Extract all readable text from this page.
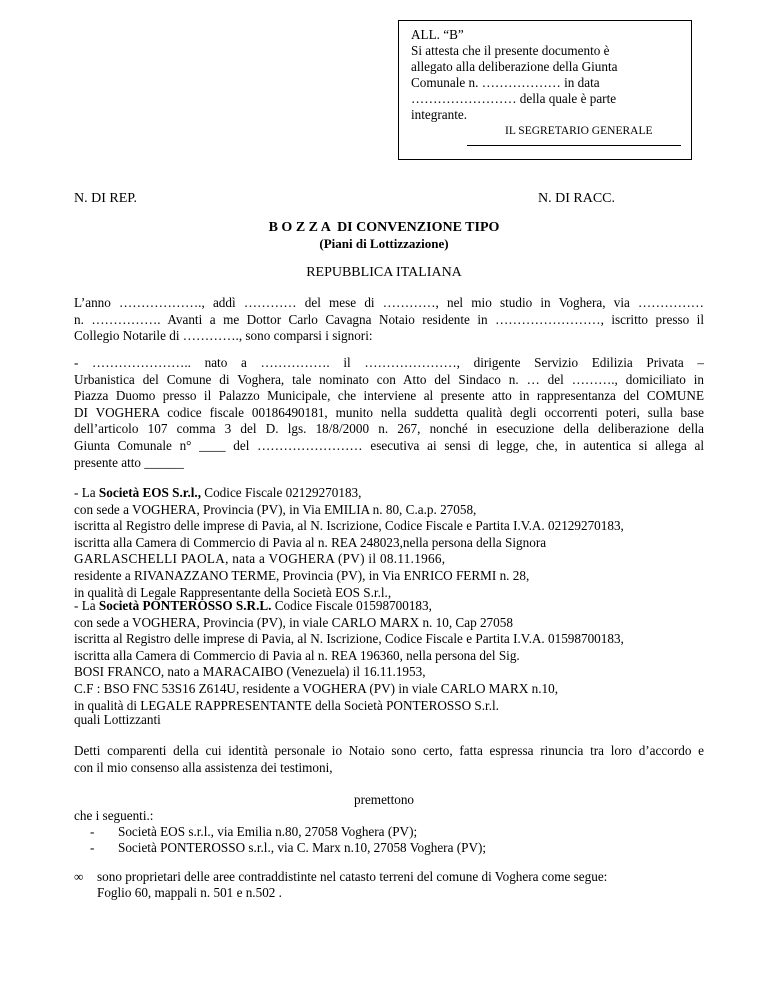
ALL. “B”
Si attesta che il presente documento è
allegato alla deliberazione della Giunta
Comunale n. ……………… in data
…………………… della quale è parte
integrante.
IL SEGRETARIO GENERALE
N. DI REP.	N. DI RACC.
B O Z Z A  DI CONVENZIONE TIPO
(Piani di Lottizzazione)
REPUBBLICA ITALIANA
L’anno ………………., addì ………… del mese di …………, nel mio studio in Voghera, via ……………
n. ……………. Avanti a me Dottor Carlo Cavagna Notaio residente in ……………………, iscritto presso il
Collegio Notarile di …………., sono comparsi i signori:
- ………………….. nato a ……………. il …………………, dirigente Servizio Edilizia Privata –
Urbanistica del Comune di Voghera, tale nominato con Atto del Sindaco n. … del ………., domiciliato in
Piazza Duomo presso il Palazzo Municipale, che interviene al presente atto in rappresentanza del COMUNE
DI VOGHERA codice fiscale 00186490181, munito nella suddetta qualità degli occorrenti poteri, sulla base
dell’articolo 107 comma 3 del D. lgs. 18/8/2000 n. 267, nonché in esecuzione della deliberazione della
Giunta Comunale n° ____ del …………………… esecutiva ai sensi di legge, che, in autentica si allega al
presente atto ______
- La Società EOS S.r.l., Codice Fiscale 02129270183,
con sede a VOGHERA, Provincia (PV), in Via EMILIA n. 80, C.a.p. 27058,
iscritta al Registro delle imprese di Pavia, al N. Iscrizione, Codice Fiscale e Partita I.V.A. 02129270183,
iscritta alla Camera di Commercio di Pavia al n. REA 248023,nella persona della Signora
GARLASCHELLI PAOLA, nata a VOGHERA (PV) il 08.11.1966,
residente a RIVANAZZANO TERME, Provincia (PV), in Via ENRICO FERMI n. 28,
in qualità di Legale Rappresentante della Società EOS S.r.l.,
- La Società PONTEROSSO S.R.L. Codice Fiscale 01598700183,
con sede a VOGHERA, Provincia (PV), in viale CARLO MARX n. 10, Cap 27058
iscritta al Registro delle imprese di Pavia, al N. Iscrizione, Codice Fiscale e Partita I.V.A. 01598700183,
iscritta alla Camera di Commercio di Pavia al n. REA 196360, nella persona del Sig.
BOSI FRANCO, nato a MARACAIBO (Venezuela) il 16.11.1953,
C.F : BSO FNC 53S16 Z614U, residente a VOGHERA (PV) in viale CARLO MARX n.10,
in qualità di LEGALE RAPPRESENTANTE della Società PONTEROSSO S.r.l.
quali Lottizzanti
Detti comparenti della cui identità personale io Notaio sono certo, fatta espressa rinuncia tra loro d’accordo e
con il mio consenso alla assistenza dei testimoni,
premettono
che i seguenti.:
- Società EOS s.r.l., via Emilia n.80, 27058 Voghera (PV);
- Società PONTEROSSO s.r.l., via C. Marx n.10, 27058 Voghera (PV);
∞ sono proprietari delle aree contraddistinte nel catasto terreni del comune di Voghera come segue:
Foglio 60, mappali n. 501 e n.502 .
